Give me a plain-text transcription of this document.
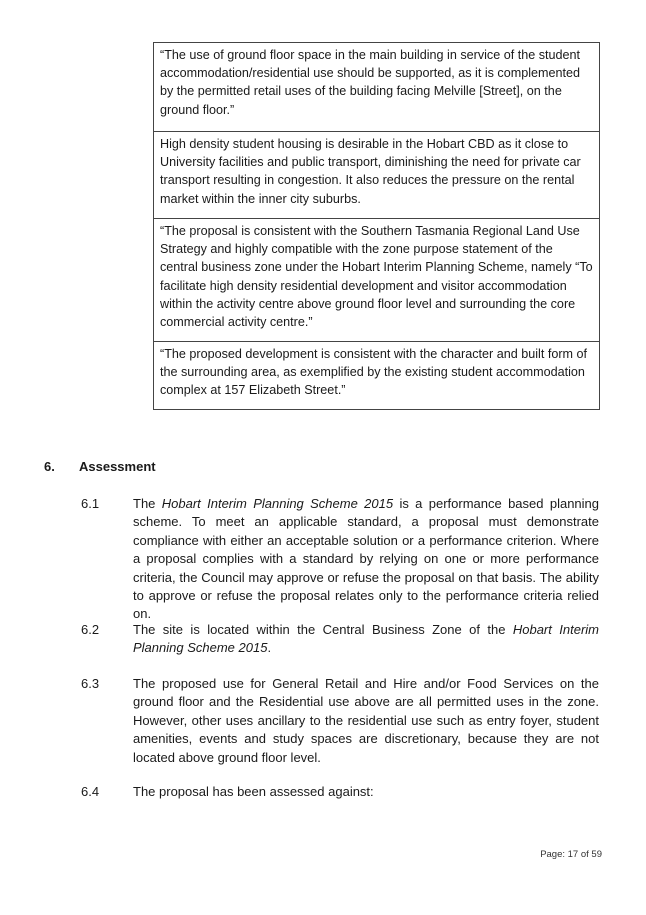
“The use of ground floor space in the main building in service of the student accommodation/residential use should be supported, as it is complemented by the permitted retail uses of the building facing Melville [Street], on the ground floor.”
High density student housing is desirable in the Hobart CBD as it close to University facilities and public transport, diminishing the need for private car transport resulting in congestion. It also reduces the pressure on the rental market within the inner city suburbs.
“The proposal is consistent with the Southern Tasmania Regional Land Use Strategy and highly compatible with the zone purpose statement of the central business zone under the Hobart Interim Planning Scheme, namely “To facilitate high density residential development and visitor accommodation within the activity centre above ground floor level and surrounding the core commercial activity centre.”
“The proposed development is consistent with the character and built form of the surrounding area, as exemplified by the existing student accommodation complex at 157 Elizabeth Street.”
6. Assessment
6.1	The Hobart Interim Planning Scheme 2015 is a performance based planning scheme. To meet an applicable standard, a proposal must demonstrate compliance with either an acceptable solution or a performance criterion. Where a proposal complies with a standard by relying on one or more performance criteria, the Council may approve or refuse the proposal on that basis. The ability to approve or refuse the proposal relates only to the performance criteria relied on.
6.2	The site is located within the Central Business Zone of the Hobart Interim Planning Scheme 2015.
6.3	The proposed use for General Retail and Hire and/or Food Services on the ground floor and the Residential use above are all permitted uses in the zone. However, other uses ancillary to the residential use such as entry foyer, student amenities, events and study spaces are discretionary, because they are not located above ground floor level.
6.4	The proposal has been assessed against:
Page: 17 of 59
